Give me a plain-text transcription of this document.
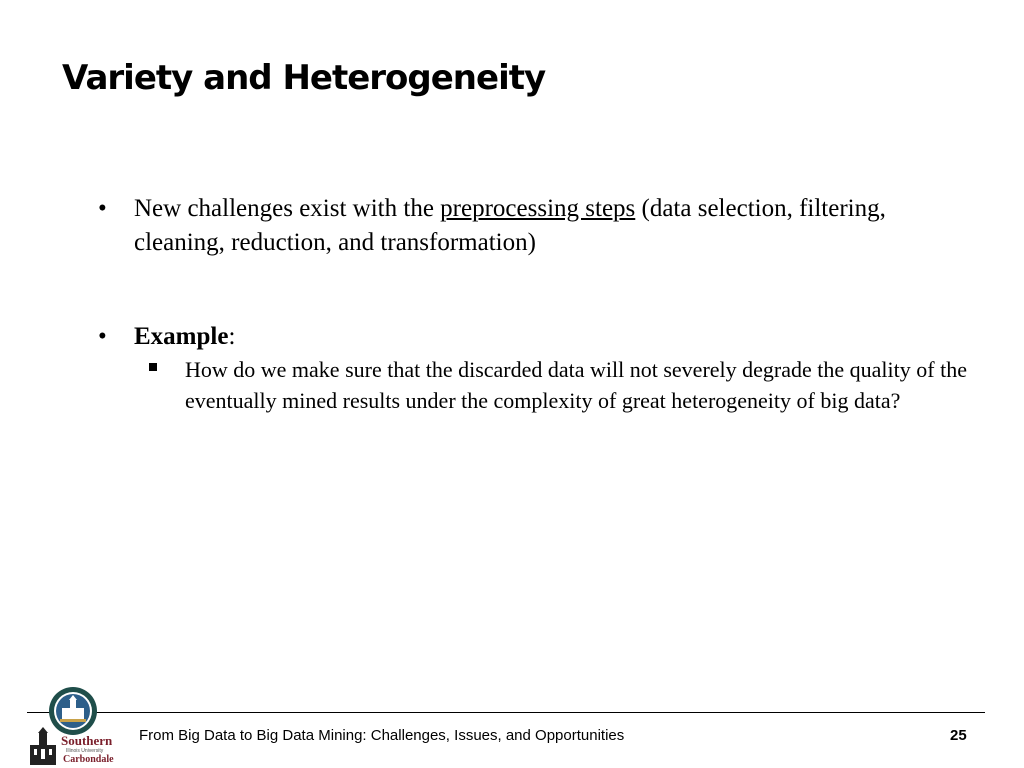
Variety and Heterogeneity
• New challenges exist with the preprocessing steps (data selection, filtering, cleaning, reduction, and transformation)
• Example:
How do we make sure that the discarded data will not severely degrade the quality of the eventually mined results under the complexity of great heterogeneity of big data?
Southern
Illinois University
Carbondale
From Big Data to Big Data Mining: Challenges, Issues, and Opportunities	25
